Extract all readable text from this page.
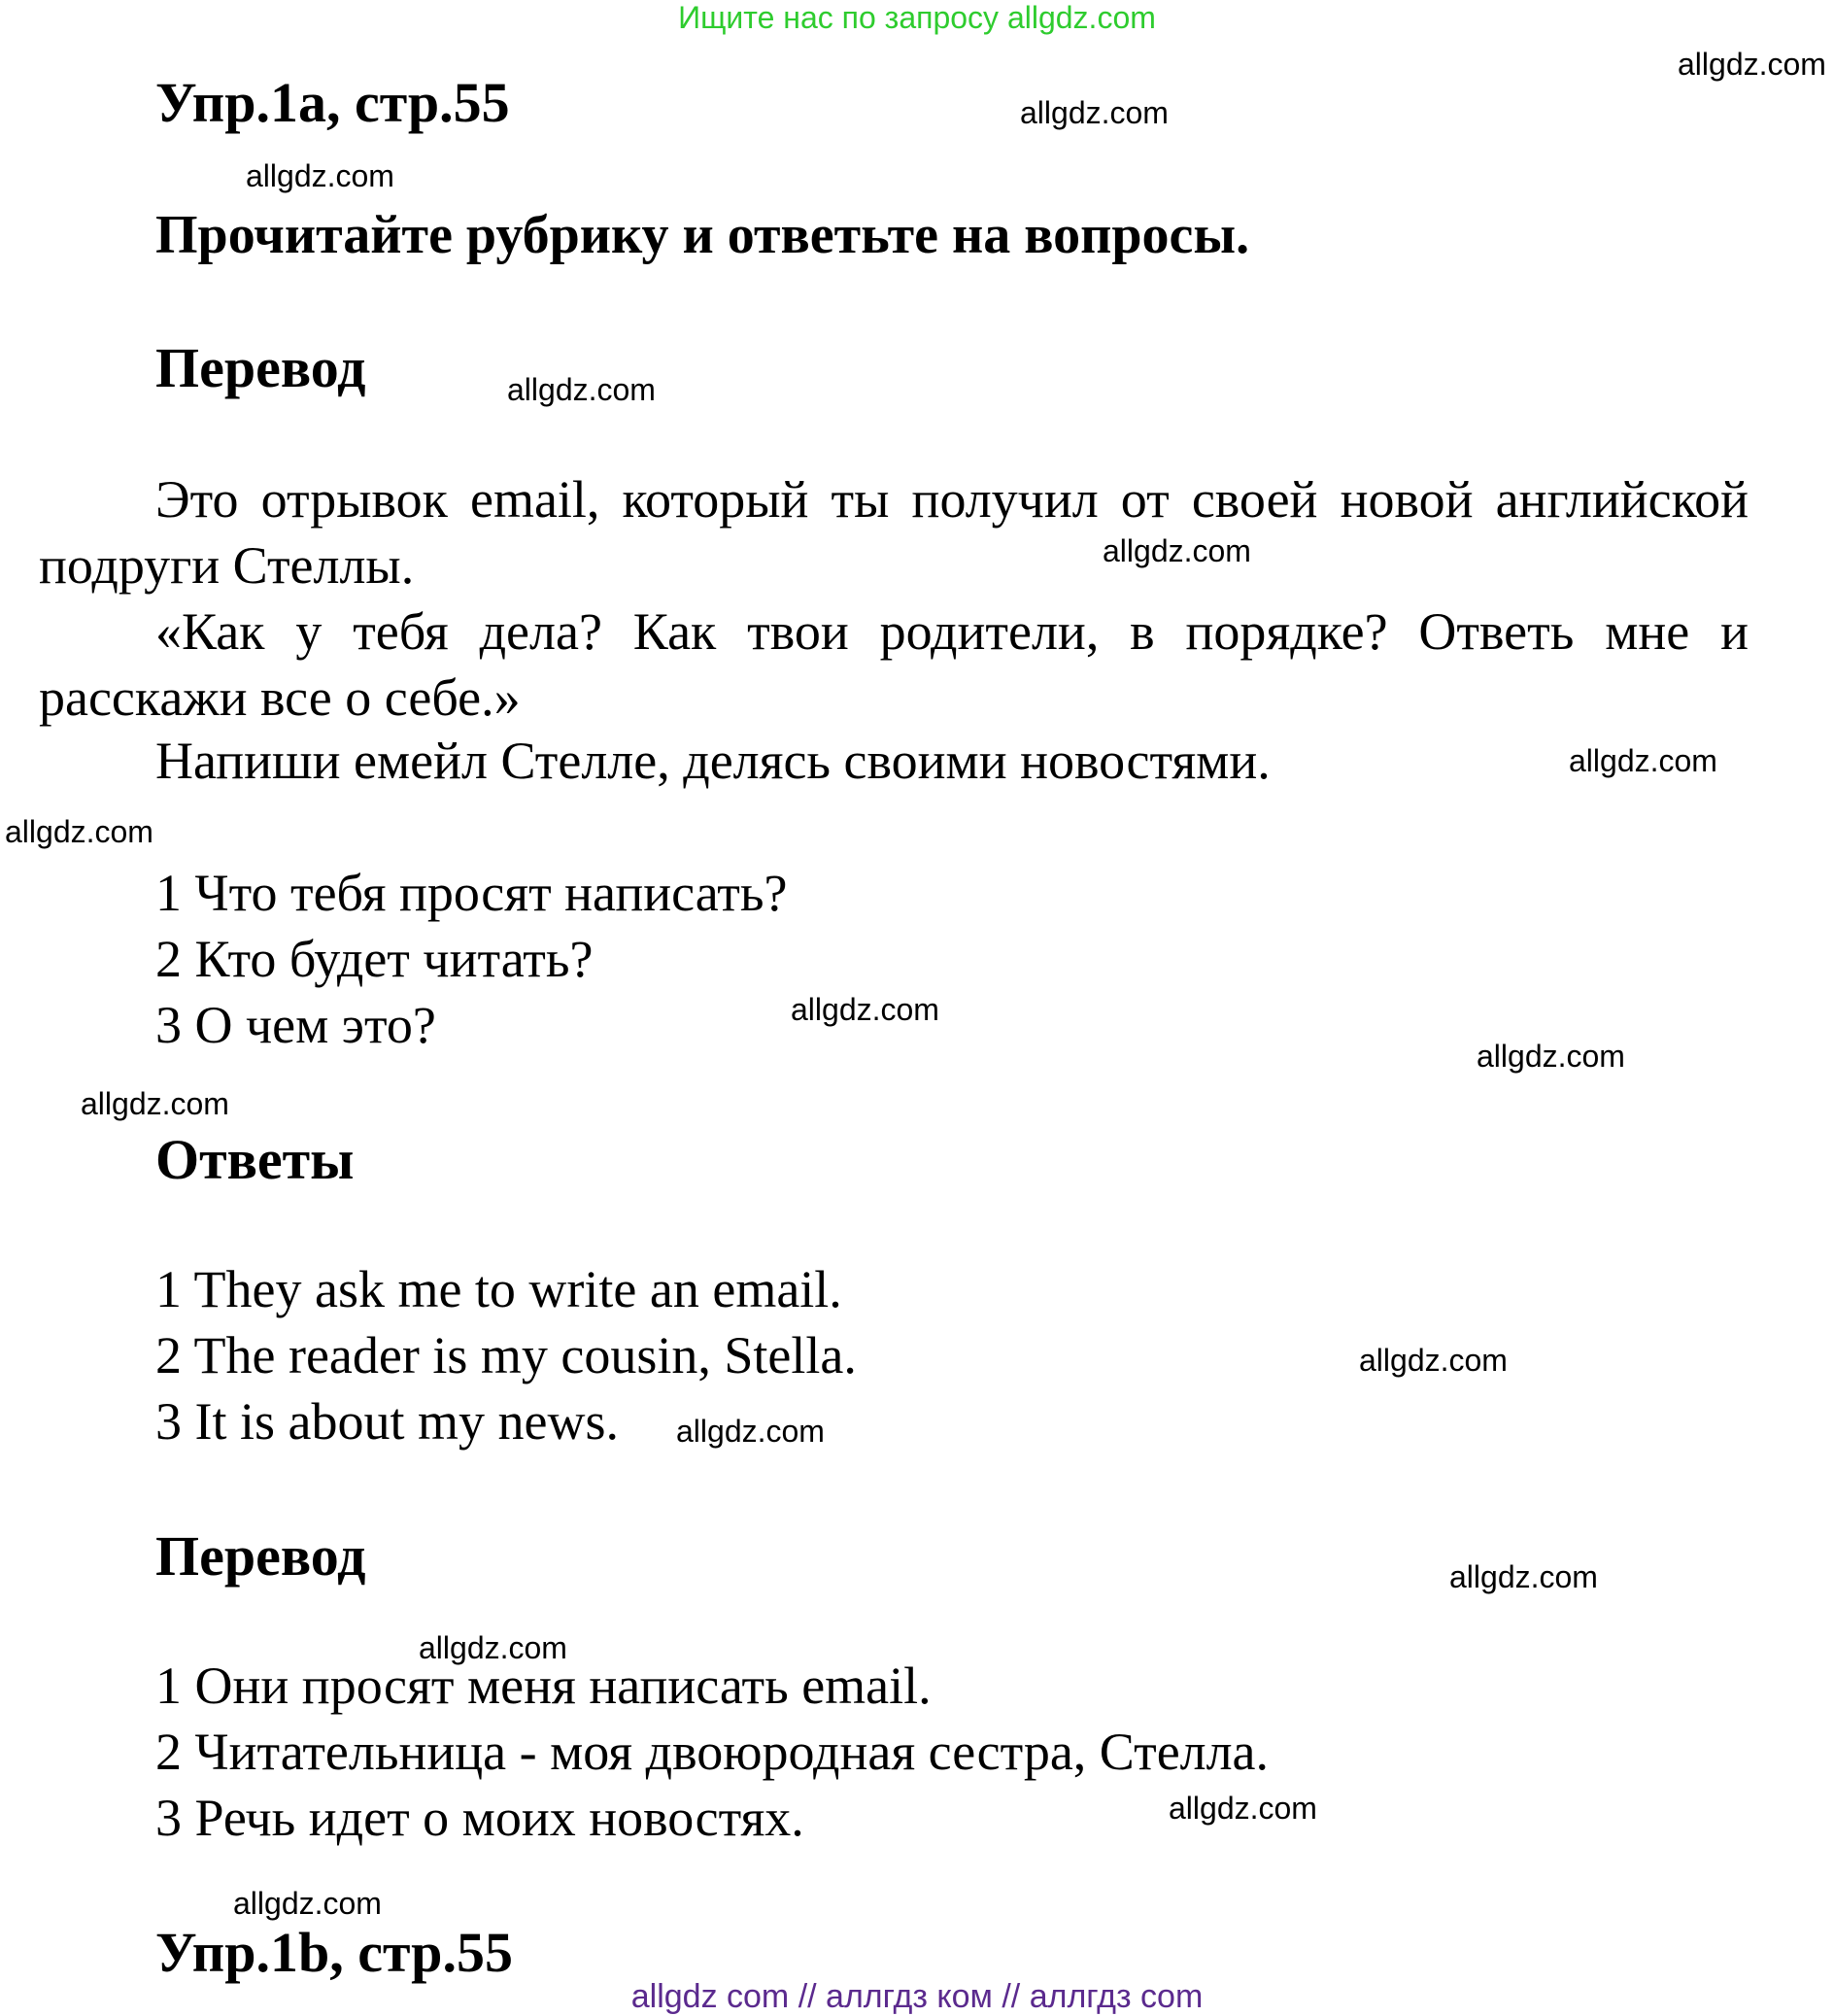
Ищите нас по запросу allgdz.com
allgdz.com
allgdz.com
allgdz.com
allgdz.com
allgdz.com
allgdz.com
allgdz.com
allgdz.com
allgdz.com
allgdz.com
allgdz.com
allgdz.com
allgdz.com
allgdz.com
allgdz.com
allgdz.com
Упр.1a, стр.55
Прочитайте рубрику и ответьте на вопросы.
Перевод
Это отрывок email, который ты получил от своей новой английской подруги Стеллы.
«Как у тебя дела? Как твои родители, в порядке? Ответь мне и расскажи все о себе.»
Напиши емейл Стелле, делясь своими новостями.
1 Что тебя просят написать?
2 Кто будет читать?
3 О чем это?
Ответы
1 They ask me to write an email.
2 The reader is my cousin, Stella.
3 It is about my news.
Перевод
1 Они просят меня написать email.
2 Читательница - моя двоюродная сестра, Стелла.
3 Речь идет о моих новостях.
Упр.1b, стр.55
allgdz com // аллгдз ком // аллгдз com
